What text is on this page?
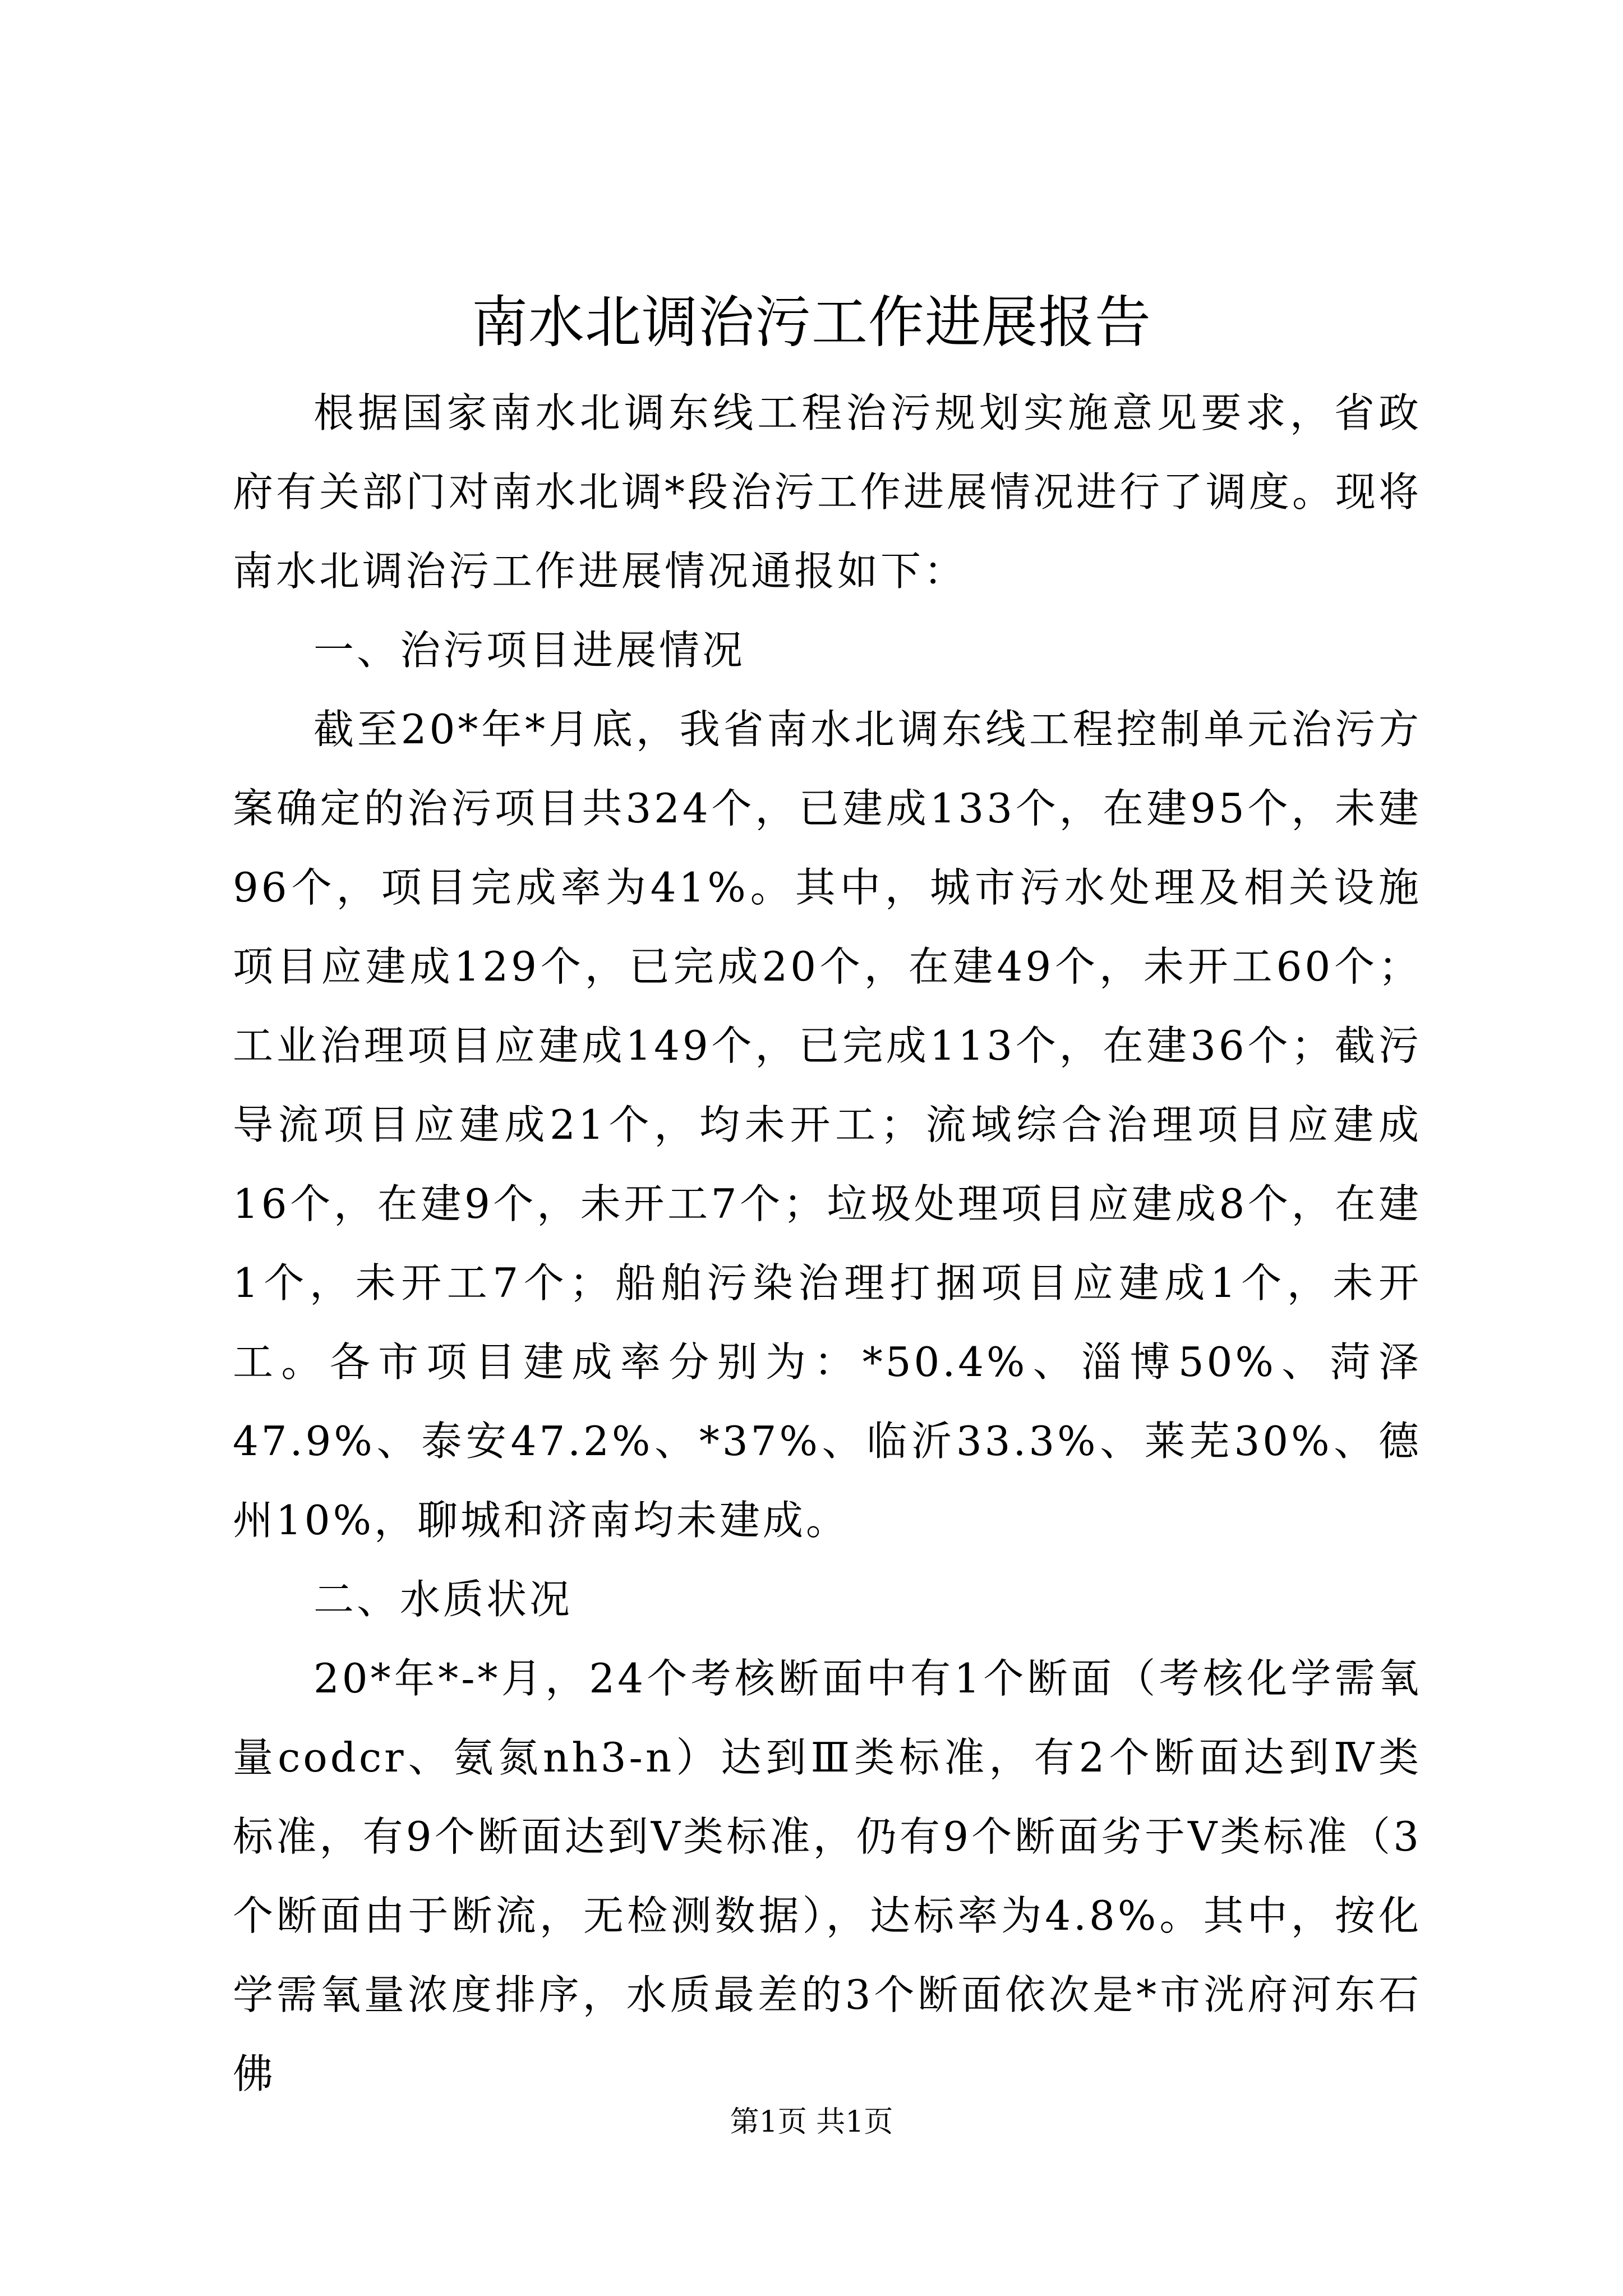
南水北调治污工作进展报告

根据国家南水北调东线工程治污规划实施意见要求，省政府有关部门对南水北调*段治污工作进展情况进行了调度。现将南水北调治污工作进展情况通报如下：

一、治污项目进展情况

截至20*年*月底，我省南水北调东线工程控制单元治污方案确定的治污项目共324个，已建成133个，在建95个，未建96个，项目完成率为41%。其中，城市污水处理及相关设施项目应建成129个，已完成20个，在建49个，未开工60个；工业治理项目应建成149个，已完成113个，在建36个；截污导流项目应建成21个，均未开工；流域综合治理项目应建成16个，在建9个，未开工7个；垃圾处理项目应建成8个，在建1个，未开工7个；船舶污染治理打捆项目应建成1个，未开工。各市项目建成率分别为：*50.4%、淄博50%、菏泽47.9%、泰安47.2%、*37%、临沂33.3%、莱芜30%、德州10%，聊城和济南均未建成。

二、水质状况

20*年*-*月，24个考核断面中有1个断面（考核化学需氧量codcr、氨氮nh3-n）达到Ⅲ类标准，有2个断面达到Ⅳ类标准，有9个断面达到Ⅴ类标准，仍有9个断面劣于Ⅴ类标准（3个断面由于断流，无检测数据），达标率为4.8%。其中，按化学需氧量浓度排序，水质最差的3个断面依次是*市洸府河东石佛

第1页 共1页
